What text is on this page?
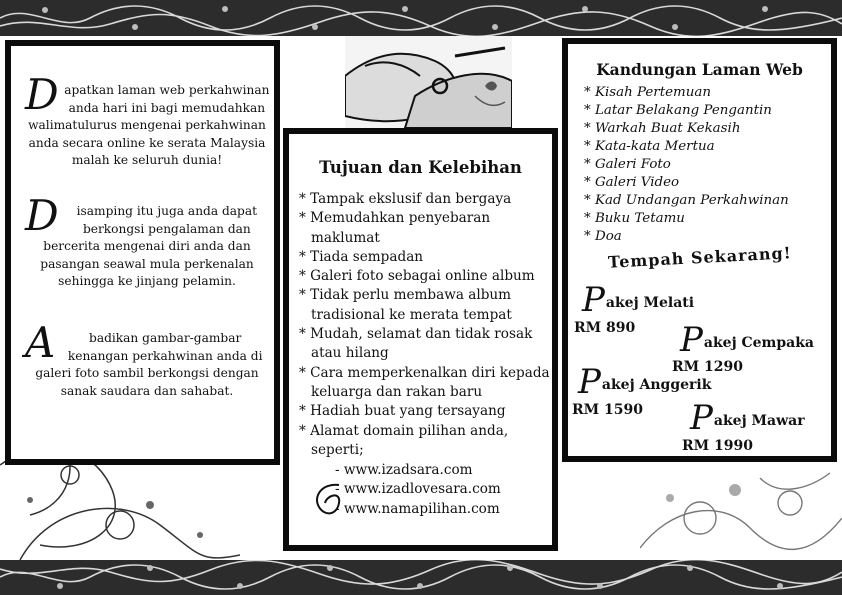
Dapatkan laman web perkahwinan anda hari ini bagi memudahkan walimatulurus mengenai perkahwinan anda secara online ke serata Malaysia malah ke seluruh dunia!
D isamping itu juga anda dapat berkongsi pengalaman dan bercerita mengenai diri anda dan pasangan seawal mula perkenalan sehingga ke jinjang pelamin.
A	badikan gambar-gambar kenangan perkahwinan anda di galeri foto sambil berkongsi dengan sanak saudara dan sahabat.
Tujuan dan Kelebihan
* Tampak ekslusif dan bergaya
* Memudahkan penyebaran maklumat
* Tiada sempadan
* Galeri foto sebagai online album
* Tidak perlu membawa album tradisional ke merata tempat
* Mudah, selamat dan tidak rosak atau hilang
* Cara memperkenalkan diri kepada keluarga dan rakan baru
* Hadiah buat yang tersayang
* Alamat domain pilihan anda, seperti;
- www.izadsara.com
- www.izadlovesara.com
- www.namapilihan.com
Kandungan Laman Web
* Kisah Pertemuan
* Latar Belakang Pengantin
* Warkah Buat Kekasih
* Kata-kata Mertua
* Galeri Foto
* Galeri Video
* Kad Undangan Perkahwinan
* Buku Tetamu
* Doa
Tempah Sekarang!
Pakej Melati
RM 890 Pakej Cempaka
RM 1290
Pakej Anggerik
RM 1590 Pakej Mawar
RM 1990
